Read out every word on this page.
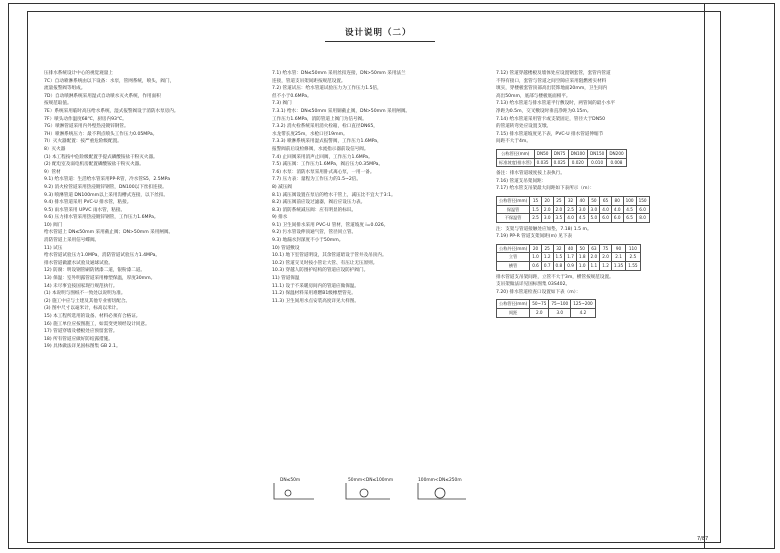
设计说明（二）

压排水系统设计中心的视觉观量上

7C）自动喷淋系统由以下设备：水泵，管网系统，喷头，阀门，

流量报警阀等组成。

7D）自动喷淋系统采用湿式自动喷水灭火系统，作用面积

按规范取值。

7E）系统采用临时高压给水系统，湿式报警阀设于消防水泵房内。

7F）喷头动作温度68℃，厨房内93℃。

7G）喷淋管道采用内外壁热浸镀锌钢管。

7H）喷淋系统压力：最不利点喷头工作压力0.05MPa。

7I）灭火器配置：按严重危险级配置。

8）灭火器

(1) 本工程按中危险级配置手提式磷酸铵盐干粉灭火器。

(2) 配电室及弱电机房配置磷酸铵盐干粉灭火器。

9）管材

9.1) 给水管道：生活给水管采用PP-R管，冷水管S5，2.5MPa

9.2) 消火栓管道采用热浸镀锌钢管，DN100以下丝扣连接。

9.3) 喷淋管道 DN100mm以上采用沟槽式连接，以下丝扣。

9.4) 排水管道采用 PVC-U 排水管，粘接。

9.5) 雨水管采用 UPVC 雨水管，粘接。

9.6) 压力排水管采用热浸镀锌钢管，工作压力1.6MPa。

10) 阀门

给水管道上 DN≤50mm 采用截止阀；DN>50mm 采用闸阀。

消防管道上采用信号蝶阀。

11) 试压

给水管道试验压力1.0MPa，消防管道试验压力1.4MPa。

排水管道做灌水试验及通球试验。

12) 防腐：明设钢管刷防锈漆二道，银粉漆二道。

13) 保温：室外明露管道采用橡塑保温，厚度30mm。

14) 未尽事宜按国家现行规范执行。

(1) 本说明与图纸不一致处以说明为准。

(2) 施工中应与土建及其他专业密切配合。

(3) 图中尺寸以毫米计，标高以米计。

15) 本工程所选用的设备、材料必须有合格证。

16) 施工单位应按图施工，如需变更须经设计同意。

17) 管道穿墙及楼板处应预留套管。

18) 所有管道应做好防结露措施。

19) 具体做法详见国标图集 GB 2.1。

7.1) 给水管：DN≤50mm 采用丝扣连接，DN>50mm 采用法兰

连接，管道支吊架间距按规范设置。

7.2) 管道试压：给水管道试验压力为工作压力1.5倍，

但不小于0.6MPa。

7.3) 阀门

7.3.1) 给水：DN≤50mm 采用铜截止阀，DN>50mm 采用闸阀。

工作压力1.6MPa，消防管道上阀门为信号阀。

7.3.2) 消火栓系统采用消火栓箱，栓口直径DN65，

水龙带长度25m，水枪口径19mm。

7.3.3) 喷淋系统采用湿式报警阀，工作压力1.6MPa，

报警阀前后设检修阀，水流指示器前设信号阀。

7.4) 止回阀采用消声止回阀，工作压力1.6MPa。

7.5) 减压阀：工作压力1.6MPa，阀后压力0.35MPa。

7.6) 水泵：消防水泵采用卧式离心泵，一用一备。

7.7) 压力表：量程为工作压力的1.5~2倍。

8) 减压阀

8.1) 减压阀设置在泵后的给水干管上，减压比不宜大于3:1。

8.2) 减压阀前应设过滤器，阀后应设压力表。

8.3) 消防系统减压阀：应有明显的标识。

9) 排水

9.1) 卫生间排水采用 PVC-U 管材，管道坡度 i=0.026。

9.2) 污水管设伸顶通气管，管径同立管。

9.3) 地漏水封深度不小于50mm。

10) 管道敷设

10.1) 地下室管道明设，其余管道暗设于管井及吊顶内。

10.2) 管道交叉时按小管让大管、有压让无压原则。

10.3) 穿越人防围护结构的管道应设防护阀门。

11) 管道保温

11.1) 设于不采暖房间内的管道应做保温。

11.2) 保温材料采用难燃B1级橡塑管壳。

11.3) 卫生间用水点安装高度详见大样图。

7.12) 管道穿越楼板及墙体处应设置钢套管，套管内管道

不得有接口，套管与管道之间空隙应采用阻燃密实材料

填实，穿楼板套管顶部高出装饰地面20mm，卫生间内

高出50mm，底部与楼板底面相平。

7.13) 给水管道与排水管道平行敷设时，两管间的最小水平

净距为0.5m，交叉敷设时垂直净距为0.15m。

7.14) 给水管道采用管卡或支架固定，管径大于DN50

的管道转弯处应设置支墩。

7.15) 排水管道坡度见下表，PVC-U 排水管道伸缩节

间距不大于4m。

公称管径(mm)	DN50	DN75	DN100	DN150	DN200
标准坡度(排水管)	0.035	0.025	0.020	0.010	0.008

备注：排水管道坡度按上表执行。

7.16) 管道支吊架间距：

7.17) 给水管支吊架最大间距如下表所示（m）：

公称管径(mm)	15	20	25	32	40	50	65	80	100	150
保温管	1.5	2.0	2.0	2.5	3.0	3.0	4.0	4.0	4.5	6.0
不保温管	2.5	3.0	3.5	4.0	4.5	5.0	6.0	6.0	6.5	8.0

注：支架与管道接触处应加垫，7.18) 1.5 m。

7.19) PP-R 管道支架间距(m) 见下表

公称外径(mm)	20	25	32	40	50	63	75	90	110
立管	1.0	1.2	1.5	1.7	1.8	2.0	2.0	2.1	2.5
横管	0.6	0.7	0.8	0.9	1.0	1.1	1.2	1.35	1.55

排水管道支吊架间距，立管不大于3m，横管按规范设置。

支吊架做法详见国标图集 03S402。

7.20) 排水管道检查口设置如下表（m）：

公称管径(mm)	50~75	75~100	125~200
间距	2.0	3.0	4.2
DN≤50m	50mm<DN≤100mm	100mm<DN≤250m
7/87
